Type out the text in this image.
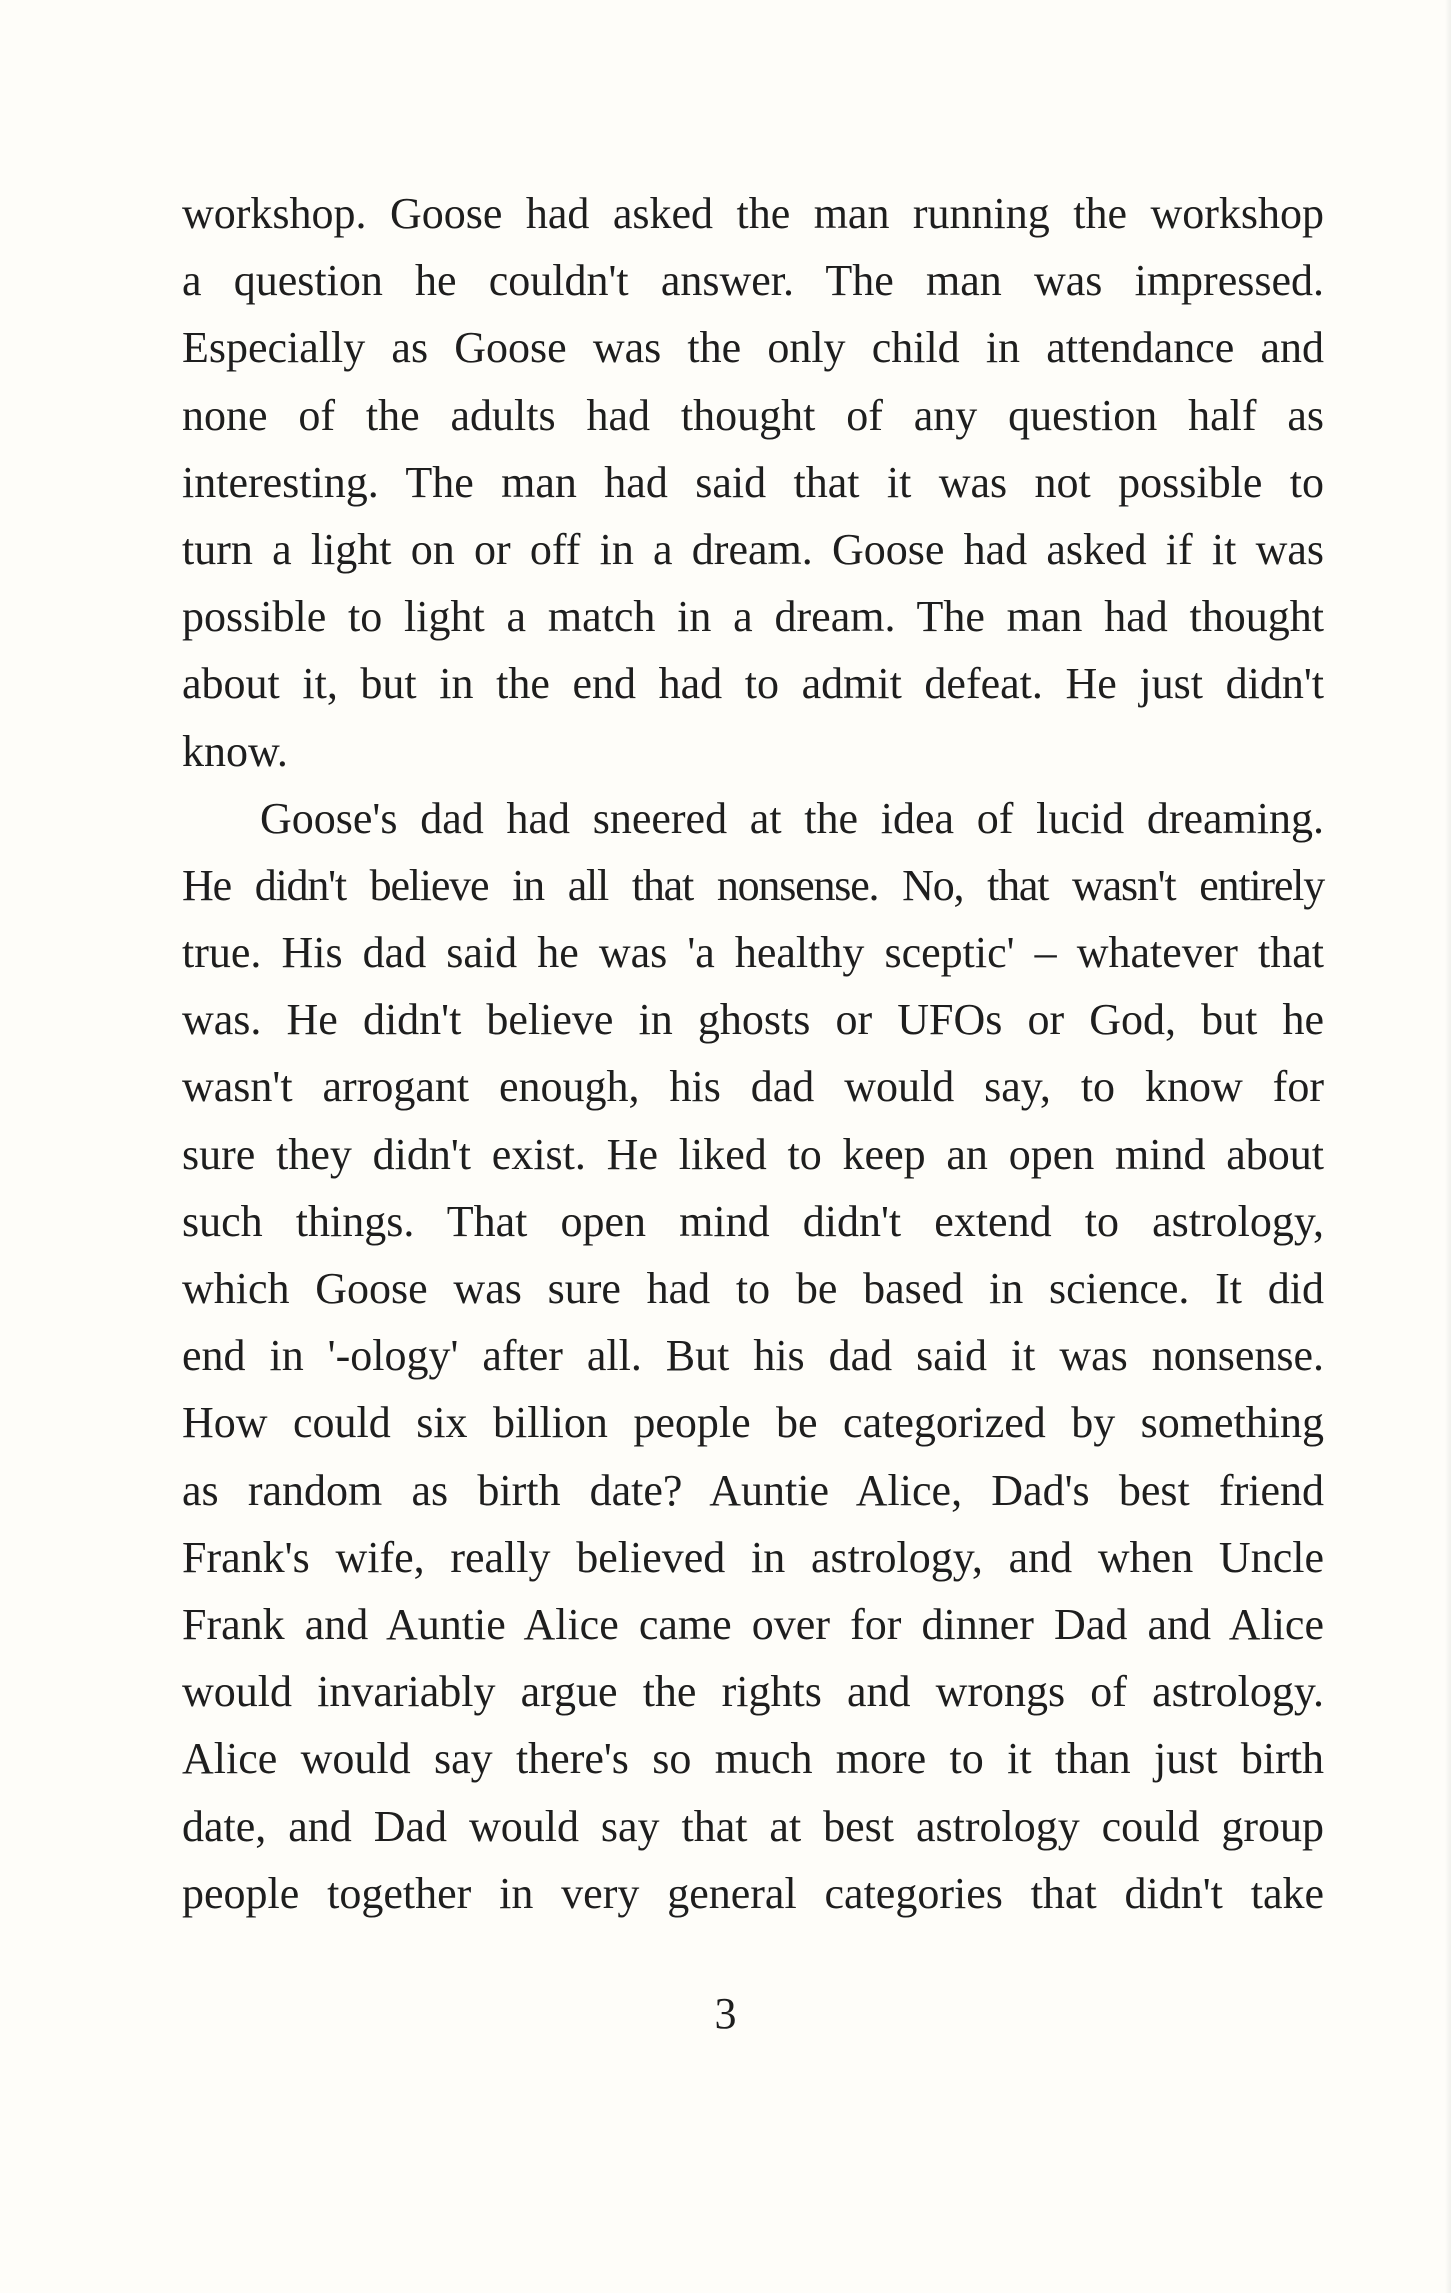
workshop. Goose had asked the man running the workshop
a question he couldn't answer. The man was impressed.
Especially as Goose was the only child in attendance and
none of the adults had thought of any question half as
interesting. The man had said that it was not possible to
turn a light on or off in a dream. Goose had asked if it was
possible to light a match in a dream. The man had thought
about it, but in the end had to admit defeat. He just didn't
know.
Goose's dad had sneered at the idea of lucid dreaming.
He didn't believe in all that nonsense. No, that wasn't entirely
true. His dad said he was 'a healthy sceptic' – whatever that
was. He didn't believe in ghosts or UFOs or God, but he
wasn't arrogant enough, his dad would say, to know for
sure they didn't exist. He liked to keep an open mind about
such things. That open mind didn't extend to astrology,
which Goose was sure had to be based in science. It did
end in '-ology' after all. But his dad said it was nonsense.
How could six billion people be categorized by something
as random as birth date? Auntie Alice, Dad's best friend
Frank's wife, really believed in astrology, and when Uncle
Frank and Auntie Alice came over for dinner Dad and Alice
would invariably argue the rights and wrongs of astrology.
Alice would say there's so much more to it than just birth
date, and Dad would say that at best astrology could group
people together in very general categories that didn't take
3
